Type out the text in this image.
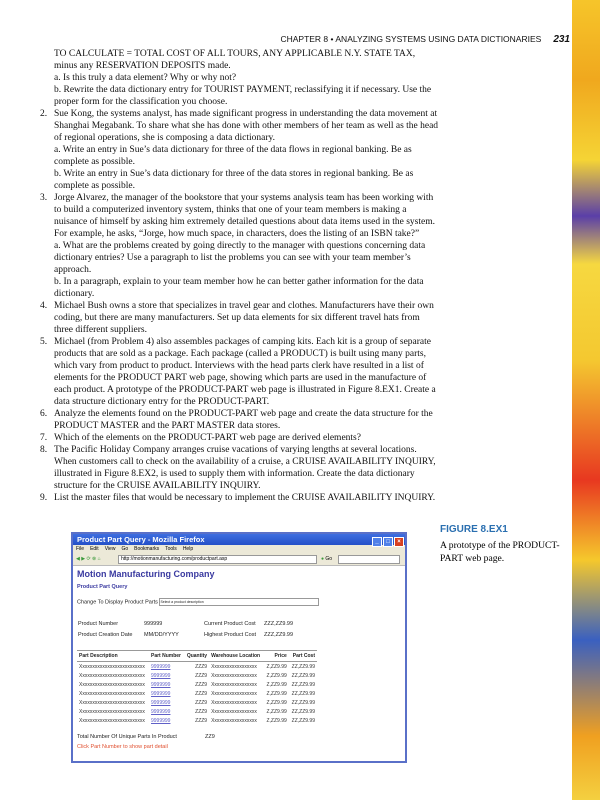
CHAPTER 8 • ANALYZING SYSTEMS USING DATA DICTIONARIES 231

TO CALCULATE = TOTAL COST OF ALL TOURS, ANY APPLICABLE N.Y. STATE TAX, minus any RESERVATION DEPOSITS made.

a. Is this truly a data element? Why or why not?

b. Rewrite the data dictionary entry for TOURIST PAYMENT, reclassifying it if necessary. Use the proper form for the classification you choose.

2. Sue Kong, the systems analyst, has made significant progress in understanding the data movement at Shanghai Megabank. To share what she has done with other members of her team as well as the head of regional operations, she is composing a data dictionary.

a. Write an entry in Sue’s data dictionary for three of the data flows in regional banking. Be as complete as possible.

b. Write an entry in Sue’s data dictionary for three of the data stores in regional banking. Be as complete as possible.

3. Jorge Alvarez, the manager of the bookstore that your systems analysis team has been working with to build a computerized inventory system, thinks that one of your team members is making a nuisance of himself by asking him extremely detailed questions about data items used in the system. For example, he asks, “Jorge, how much space, in characters, does the listing of an ISBN take?”

a. What are the problems created by going directly to the manager with questions concerning data dictionary entries? Use a paragraph to list the problems you can see with your team member’s approach.

b. In a paragraph, explain to your team member how he can better gather information for the data dictionary.

4. Michael Bush owns a store that specializes in travel gear and clothes. Manufacturers have their own coding, but there are many manufacturers. Set up data elements for six different travel hats from three different suppliers.
5. Michael (from Problem 4) also assembles packages of camping kits. Each kit is a group of separate products that are sold as a package. Each package (called a PRODUCT) is built using many parts, which vary from product to product. Interviews with the head parts clerk have resulted in a list of elements for the PRODUCT PART web page, showing which parts are used in the manufacture of each product. A prototype of the PRODUCT-PART web page is illustrated in Figure 8.EX1. Create a data structure dictionary entry for the PRODUCT-PART.
6. Analyze the elements found on the PRODUCT-PART web page and create the data structure for the PRODUCT MASTER and the PART MASTER data stores.
7. Which of the elements on the PRODUCT-PART web page are derived elements?
8. The Pacific Holiday Company arranges cruise vacations of varying lengths at several locations. When customers call to check on the availability of a cruise, a CRUISE AVAILABILITY INQUIRY, illustrated in Figure 8.EX2, is used to supply them with information. Create the data dictionary structure for the CRUISE AVAILABILITY INQUIRY.
9. List the master files that would be necessary to implement the CRUISE AVAILABILITY INQUIRY.
Product Part Query - Mozilla Firefox	_ □ ×
File Edit View Go Bookmarks Tools Help
◀ ▶ ⟳ ⊗ ⌂	http://motionmanufacturing.com/productpart.asp	● Go
Motion Manufacturing Company
Product Part Query
Change To Display Product Parts Select a product description
Product Number	999999	Current Product Cost	ZZZ,ZZ9.99
Product Creation Date	MM/DD/YYYY	Highest Product Cost	ZZZ,ZZ9.99
Part Description	Part Number	Quantity	Warehouse Location	Price	Part Cost
Xxxxxxxxxxxxxxxxxxxxxxxxxx	9999999	ZZZ9	Xxxxxxxxxxxxxxxxxx	Z,ZZ9.99	ZZ,ZZ9.99
Xxxxxxxxxxxxxxxxxxxxxxxxxx	9999999	ZZZ9	Xxxxxxxxxxxxxxxxxx	Z,ZZ9.99	ZZ,ZZ9.99
Xxxxxxxxxxxxxxxxxxxxxxxxxx	9999999	ZZZ9	Xxxxxxxxxxxxxxxxxx	Z,ZZ9.99	ZZ,ZZ9.99
Xxxxxxxxxxxxxxxxxxxxxxxxxx	9999999	ZZZ9	Xxxxxxxxxxxxxxxxxx	Z,ZZ9.99	ZZ,ZZ9.99
Xxxxxxxxxxxxxxxxxxxxxxxxxx	9999999	ZZZ9	Xxxxxxxxxxxxxxxxxx	Z,ZZ9.99	ZZ,ZZ9.99
Xxxxxxxxxxxxxxxxxxxxxxxxxx	9999999	ZZZ9	Xxxxxxxxxxxxxxxxxx	Z,ZZ9.99	ZZ,ZZ9.99
Xxxxxxxxxxxxxxxxxxxxxxxxxx	9999999	ZZZ9	Xxxxxxxxxxxxxxxxxx	Z,ZZ9.99	ZZ,ZZ9.99
Total Number Of Unique Parts In Product	ZZ9
Click Part Number to show part detail
FIGURE 8.EX1
A prototype of the PRODUCT-PART web page.
